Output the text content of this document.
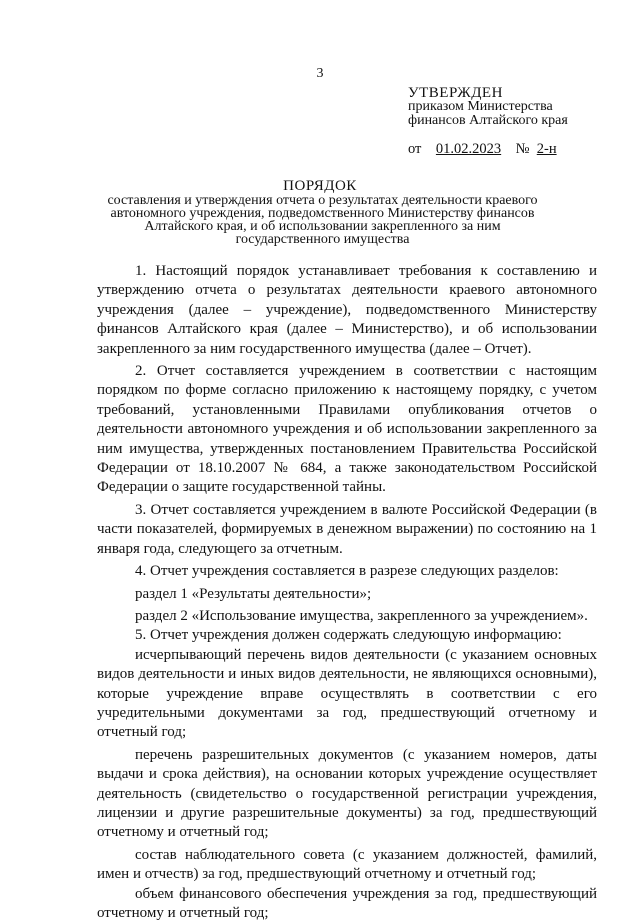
3
УТВЕРЖДЕН
приказом Министерства
финансов Алтайского края
от 01.02.2023 № 2-н
ПОРЯДОК
составления и утверждения отчета о результатах деятельности краевого автономного учреждения, подведомственного Министерству финансов Алтайского края, и об использовании закрепленного за ним государственного имущества

1. Настоящий порядок устанавливает требования к составлению и утверждению отчета о результатах деятельности краевого автономного учреждения (далее – учреждение), подведомственного Министерству финансов Алтайского края (далее – Министерство), и об использовании закрепленного за ним государственного имущества (далее – Отчет).

2. Отчет составляется учреждением в соответствии с настоящим порядком по форме согласно приложению к настоящему порядку, с учетом требований, установленными Правилами опубликования отчетов о деятельности автономного учреждения и об использовании закрепленного за ним имущества, утвержденных постановлением Правительства Российской Федерации от 18.10.2007 № 684, а также законодательством Российской Федерации о защите государственной тайны.

3. Отчет составляется учреждением в валюте Российской Федерации (в части показателей, формируемых в денежном выражении) по состоянию на 1 января года, следующего за отчетным.

4. Отчет учреждения составляется в разрезе следующих разделов:

раздел 1 «Результаты деятельности»;

раздел 2 «Использование имущества, закрепленного за учреждением».

5. Отчет учреждения должен содержать следующую информацию:

исчерпывающий перечень видов деятельности (с указанием основных видов деятельности и иных видов деятельности, не являющихся основными), которые учреждение вправе осуществлять в соответствии с его учредительными документами за год, предшествующий отчетному и отчетный год;

перечень разрешительных документов (с указанием номеров, даты выдачи и срока действия), на основании которых учреждение осуществляет деятельность (свидетельство о государственной регистрации учреждения, лицензии и другие разрешительные документы) за год, предшествующий отчетному и отчетный год;

состав наблюдательного совета (с указанием должностей, фамилий, имен и отчеств) за год, предшествующий отчетному и отчетный год;

объем финансового обеспечения учреждения за год, предшествующий отчетному и отчетный год;
